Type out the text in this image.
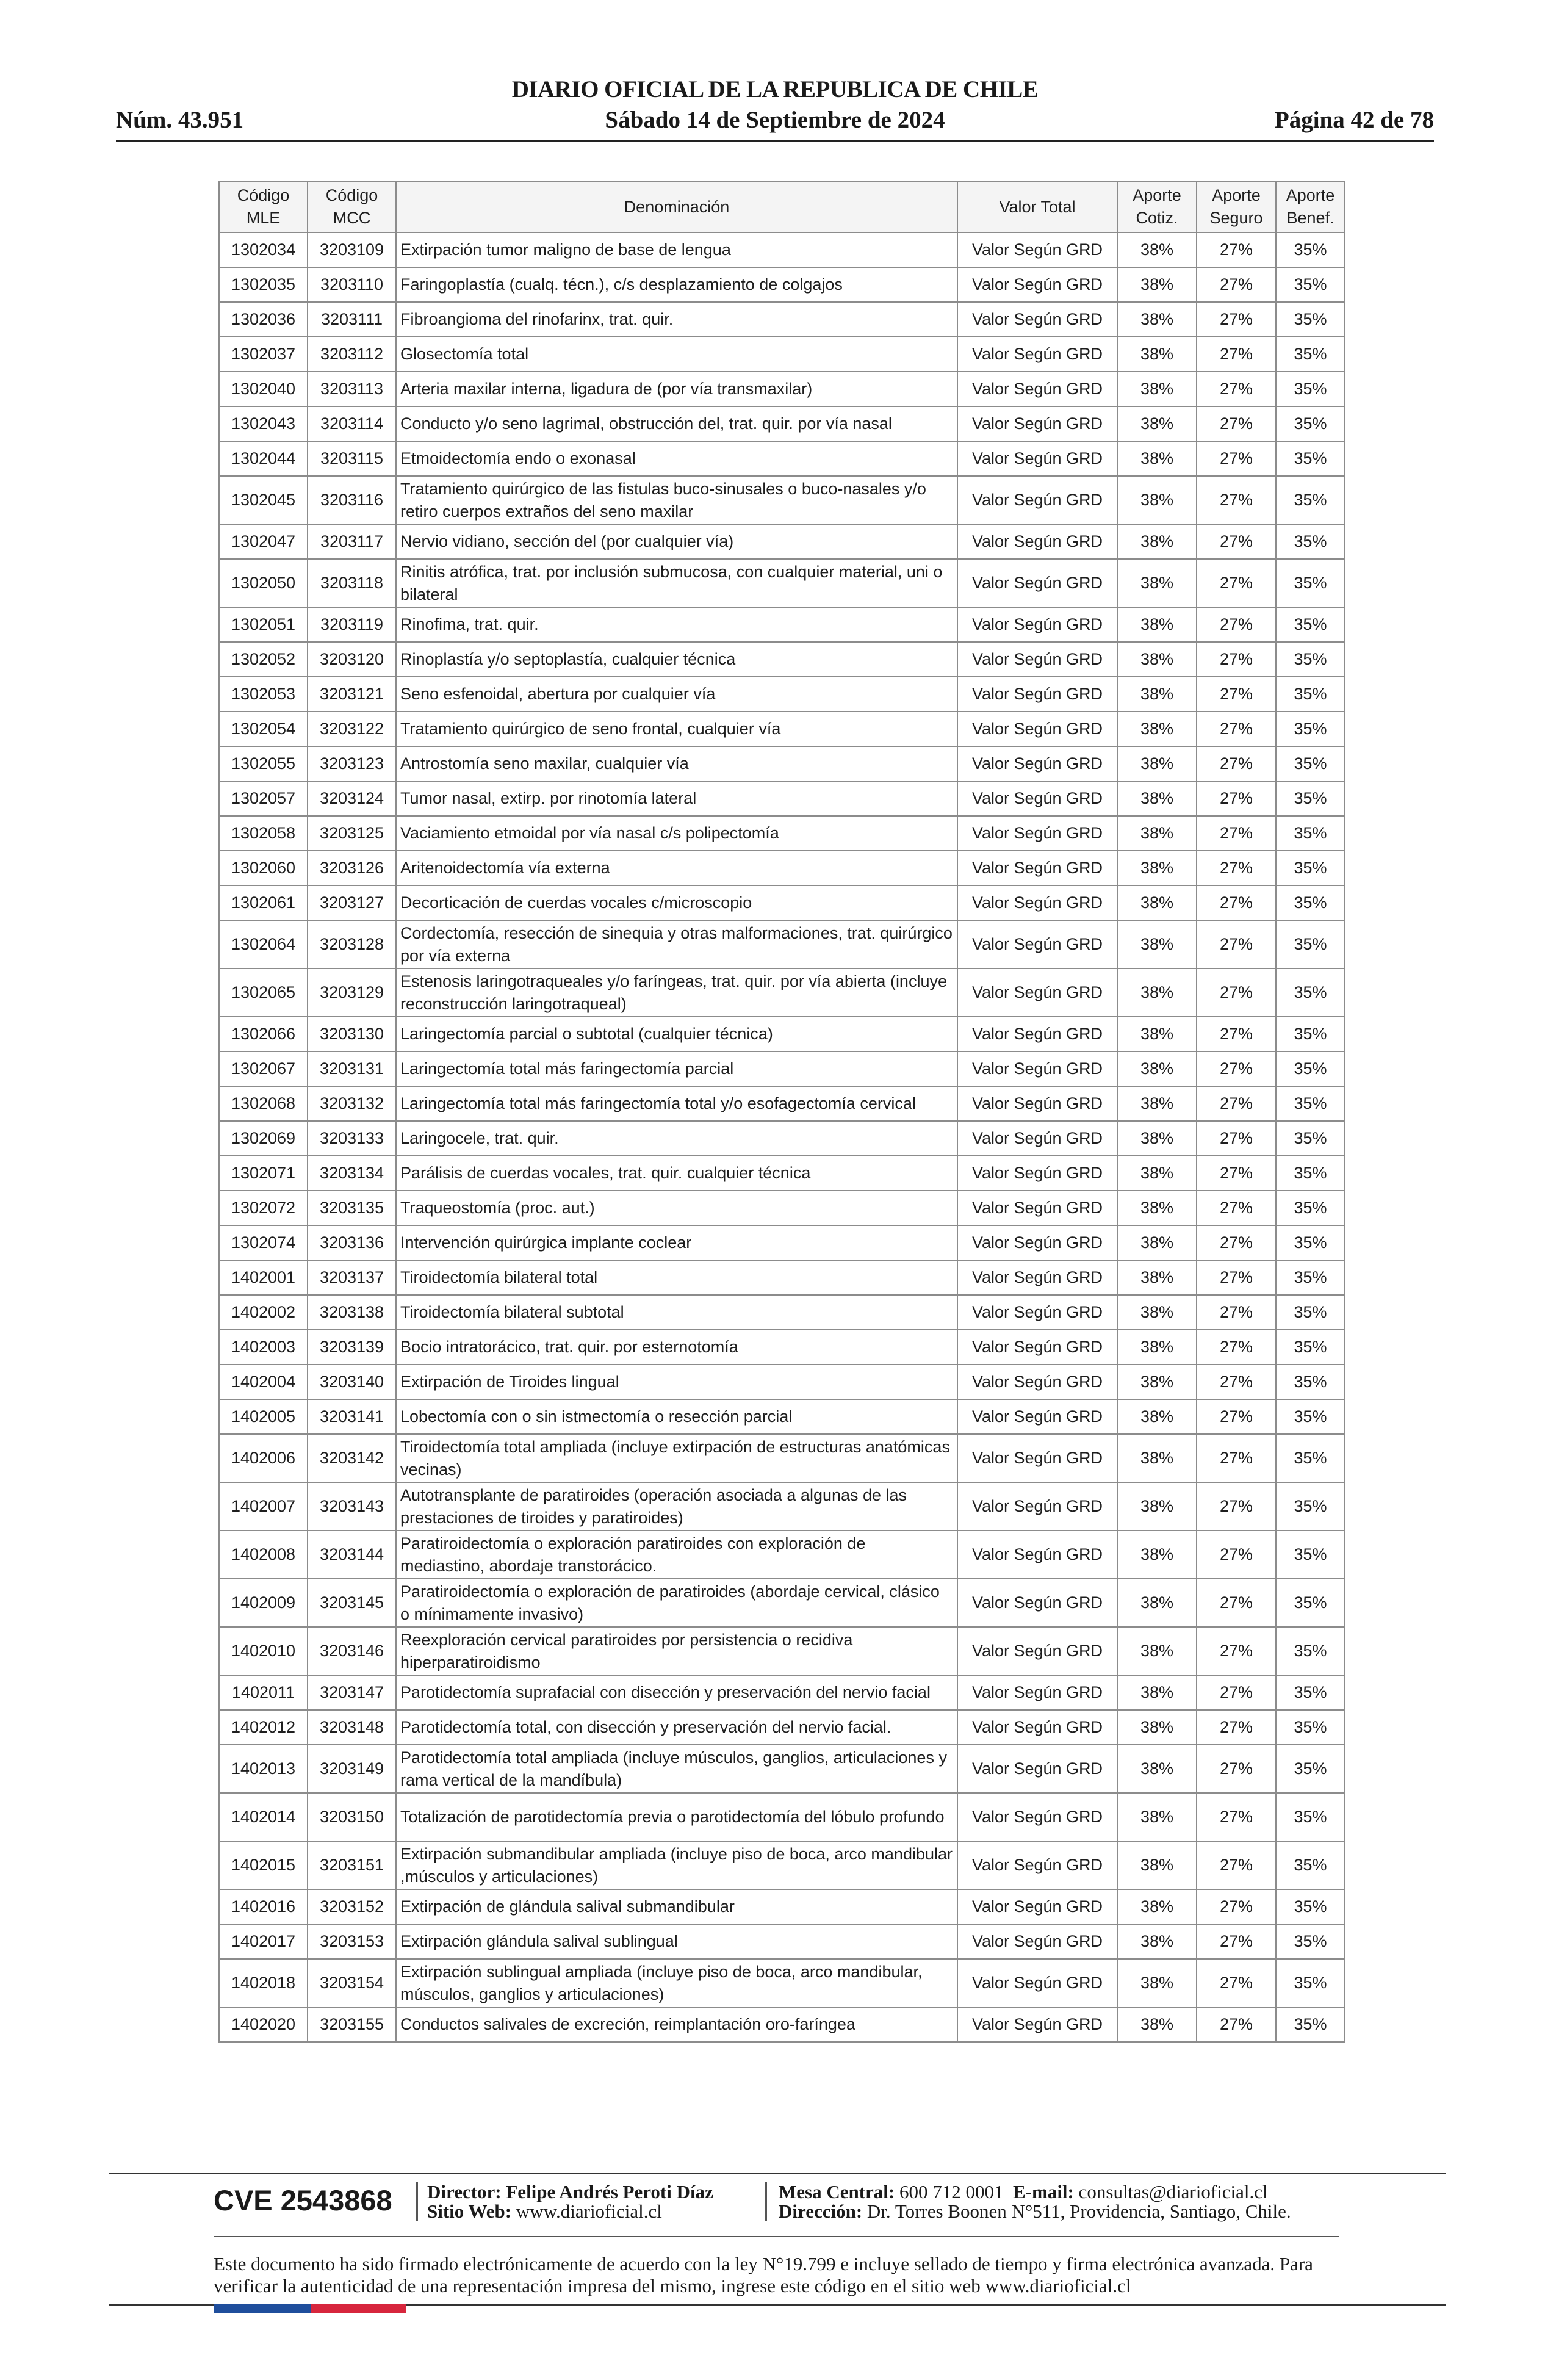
DIARIO OFICIAL DE LA REPUBLICA DE CHILE
Núm. 43.951	Sábado 14 de Septiembre de 2024	Página 42 de 78
Código MLE	Código MCC	Denominación	Valor Total	Aporte Cotiz.	Aporte Seguro	Aporte Benef.
1302034	3203109	Extirpación tumor maligno de base de lengua	Valor Según GRD	38%	27%	35%
1302035	3203110	Faringoplastía (cualq. técn.), c/s desplazamiento de colgajos	Valor Según GRD	38%	27%	35%
1302036	3203111	Fibroangioma del rinofarinx, trat. quir.	Valor Según GRD	38%	27%	35%
1302037	3203112	Glosectomía total	Valor Según GRD	38%	27%	35%
1302040	3203113	Arteria maxilar interna, ligadura de (por vía transmaxilar)	Valor Según GRD	38%	27%	35%
1302043	3203114	Conducto y/o seno lagrimal, obstrucción del, trat. quir. por vía nasal	Valor Según GRD	38%	27%	35%
1302044	3203115	Etmoidectomía endo o exonasal	Valor Según GRD	38%	27%	35%
1302045	3203116	Tratamiento quirúrgico de las fistulas buco-sinusales o buco-nasales y/o retiro cuerpos extraños del seno maxilar	Valor Según GRD	38%	27%	35%
1302047	3203117	Nervio vidiano, sección del (por cualquier vía)	Valor Según GRD	38%	27%	35%
1302050	3203118	Rinitis atrófica, trat. por inclusión submucosa, con cualquier material, uni o bilateral	Valor Según GRD	38%	27%	35%
1302051	3203119	Rinofima, trat. quir.	Valor Según GRD	38%	27%	35%
1302052	3203120	Rinoplastía y/o septoplastía, cualquier técnica	Valor Según GRD	38%	27%	35%
1302053	3203121	Seno esfenoidal, abertura por cualquier vía	Valor Según GRD	38%	27%	35%
1302054	3203122	Tratamiento quirúrgico de seno frontal, cualquier vía	Valor Según GRD	38%	27%	35%
1302055	3203123	Antrostomía seno maxilar, cualquier vía	Valor Según GRD	38%	27%	35%
1302057	3203124	Tumor nasal, extirp. por rinotomía lateral	Valor Según GRD	38%	27%	35%
1302058	3203125	Vaciamiento etmoidal por vía nasal c/s polipectomía	Valor Según GRD	38%	27%	35%
1302060	3203126	Aritenoidectomía vía externa	Valor Según GRD	38%	27%	35%
1302061	3203127	Decorticación de cuerdas vocales c/microscopio	Valor Según GRD	38%	27%	35%
1302064	3203128	Cordectomía, resección de sinequia y otras malformaciones, trat. quirúrgico por vía externa	Valor Según GRD	38%	27%	35%
1302065	3203129	Estenosis laringotraqueales y/o faríngeas, trat. quir. por vía abierta (incluye reconstrucción laringotraqueal)	Valor Según GRD	38%	27%	35%
1302066	3203130	Laringectomía parcial o subtotal (cualquier técnica)	Valor Según GRD	38%	27%	35%
1302067	3203131	Laringectomía total más faringectomía parcial	Valor Según GRD	38%	27%	35%
1302068	3203132	Laringectomía total más faringectomía total y/o esofagectomía cervical	Valor Según GRD	38%	27%	35%
1302069	3203133	Laringocele, trat. quir.	Valor Según GRD	38%	27%	35%
1302071	3203134	Parálisis de cuerdas vocales, trat. quir. cualquier técnica	Valor Según GRD	38%	27%	35%
1302072	3203135	Traqueostomía (proc. aut.)	Valor Según GRD	38%	27%	35%
1302074	3203136	Intervención quirúrgica implante coclear	Valor Según GRD	38%	27%	35%
1402001	3203137	Tiroidectomía bilateral total	Valor Según GRD	38%	27%	35%
1402002	3203138	Tiroidectomía bilateral subtotal	Valor Según GRD	38%	27%	35%
1402003	3203139	Bocio intratorácico, trat. quir. por esternotomía	Valor Según GRD	38%	27%	35%
1402004	3203140	Extirpación de Tiroides lingual	Valor Según GRD	38%	27%	35%
1402005	3203141	Lobectomía con o sin istmectomía o resección parcial	Valor Según GRD	38%	27%	35%
1402006	3203142	Tiroidectomía total ampliada (incluye extirpación de estructuras anatómicas vecinas)	Valor Según GRD	38%	27%	35%
1402007	3203143	Autotransplante de paratiroides (operación asociada a algunas de las prestaciones de tiroides y paratiroides)	Valor Según GRD	38%	27%	35%
1402008	3203144	Paratiroidectomía o exploración paratiroides con exploración de mediastino, abordaje transtorácico.	Valor Según GRD	38%	27%	35%
1402009	3203145	Paratiroidectomía o exploración de paratiroides (abordaje cervical, clásico o mínimamente invasivo)	Valor Según GRD	38%	27%	35%
1402010	3203146	Reexploración cervical paratiroides por persistencia o recidiva hiperparatiroidismo	Valor Según GRD	38%	27%	35%
1402011	3203147	Parotidectomía suprafacial con disección y preservación del nervio facial	Valor Según GRD	38%	27%	35%
1402012	3203148	Parotidectomía total, con disección y preservación del nervio facial.	Valor Según GRD	38%	27%	35%
1402013	3203149	Parotidectomía total ampliada (incluye músculos, ganglios, articulaciones y rama vertical de la mandíbula)	Valor Según GRD	38%	27%	35%
1402014	3203150	Totalización de parotidectomía previa o parotidectomía del lóbulo profundo	Valor Según GRD	38%	27%	35%
1402015	3203151	Extirpación submandibular ampliada (incluye piso de boca, arco mandibular ,músculos y articulaciones)	Valor Según GRD	38%	27%	35%
1402016	3203152	Extirpación de glándula salival submandibular	Valor Según GRD	38%	27%	35%
1402017	3203153	Extirpación glándula salival sublingual	Valor Según GRD	38%	27%	35%
1402018	3203154	Extirpación sublingual ampliada (incluye piso de boca, arco mandibular, músculos, ganglios y articulaciones)	Valor Según GRD	38%	27%	35%
1402020	3203155	Conductos salivales de excreción, reimplantación oro-faríngea	Valor Según GRD	38%	27%	35%
CVE 2543868 Director: Felipe Andrés Peroti Díaz
Sitio Web: www.diarioficial.cl
Mesa Central: 600 712 0001 E-mail: consultas@diarioficial.cl
Dirección: Dr. Torres Boonen N°511, Providencia, Santiago, Chile.
Este documento ha sido firmado electrónicamente de acuerdo con la ley N°19.799 e incluye sellado de tiempo y firma electrónica avanzada. Para verificar la autenticidad de una representación impresa del mismo, ingrese este código en el sitio web www.diarioficial.cl
